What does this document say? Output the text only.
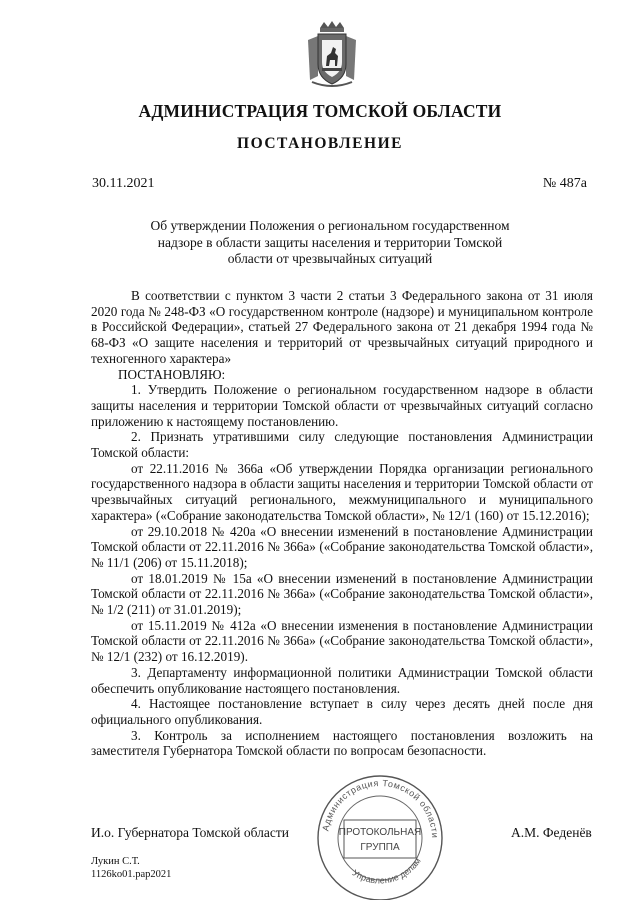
АДМИНИСТРАЦИЯ ТОМСКОЙ ОБЛАСТИ
ПОСТАНОВЛЕНИЕ
30.11.2021	№ 487а
Об утверждении Положения о региональном государственном
надзоре в области защиты населения и территории Томской
области от чрезвычайных ситуаций

В соответствии с пунктом 3 части 2 статьи 3 Федерального закона от 31 июля 2020 года № 248-ФЗ «О государственном контроле (надзоре) и муниципальном контроле в Российской Федерации», статьей 27 Федерального закона от 21 декабря 1994 года № 68-ФЗ «О защите населения и территорий от чрезвычайных ситуаций природного и техногенного характера»

ПОСТАНОВЛЯЮ:

1. Утвердить Положение о региональном государственном надзоре в области защиты населения и территории Томской области от чрезвычайных ситуаций согласно приложению к настоящему постановлению.

2. Признать утратившими силу следующие постановления Администрации Томской области:

от 22.11.2016 № 366а «Об утверждении Порядка организации регионального государственного надзора в области защиты населения и территории Томской области от чрезвычайных ситуаций регионального, межмуниципального и муниципального характера» («Собрание законодательства Томской области», № 12/1 (160) от 15.12.2016);

от 29.10.2018 № 420а «О внесении изменений в постановление Администрации Томской области от 22.11.2016 № 366а» («Собрание законодательства Томской области», № 11/1 (206) от 15.11.2018);

от 18.01.2019 № 15а «О внесении изменений в постановление Администрации Томской области от 22.11.2016 № 366а» («Собрание законодательства Томской области», № 1/2 (211) от 31.01.2019);

от 15.11.2019 № 412а «О внесении изменения в постановление Администрации Томской области от 22.11.2016 № 366а» («Собрание законодательства Томской области», № 12/1 (232) от 16.12.2019).

3. Департаменту информационной политики Администрации Томской области обеспечить опубликование настоящего постановления.

4. Настоящее постановление вступает в силу через десять дней после дня официального опубликования.

3. Контроль за исполнением настоящего постановления возложить на заместителя Губернатора Томской области по вопросам безопасности.

Администрация Томской области
Управление делам
ПРОТОКОЛЬНАЯ
ГРУППА
И.о. Губернатора Томской области	А.М. Феденёв
Лукин С.Т.
1126ko01.pap2021
